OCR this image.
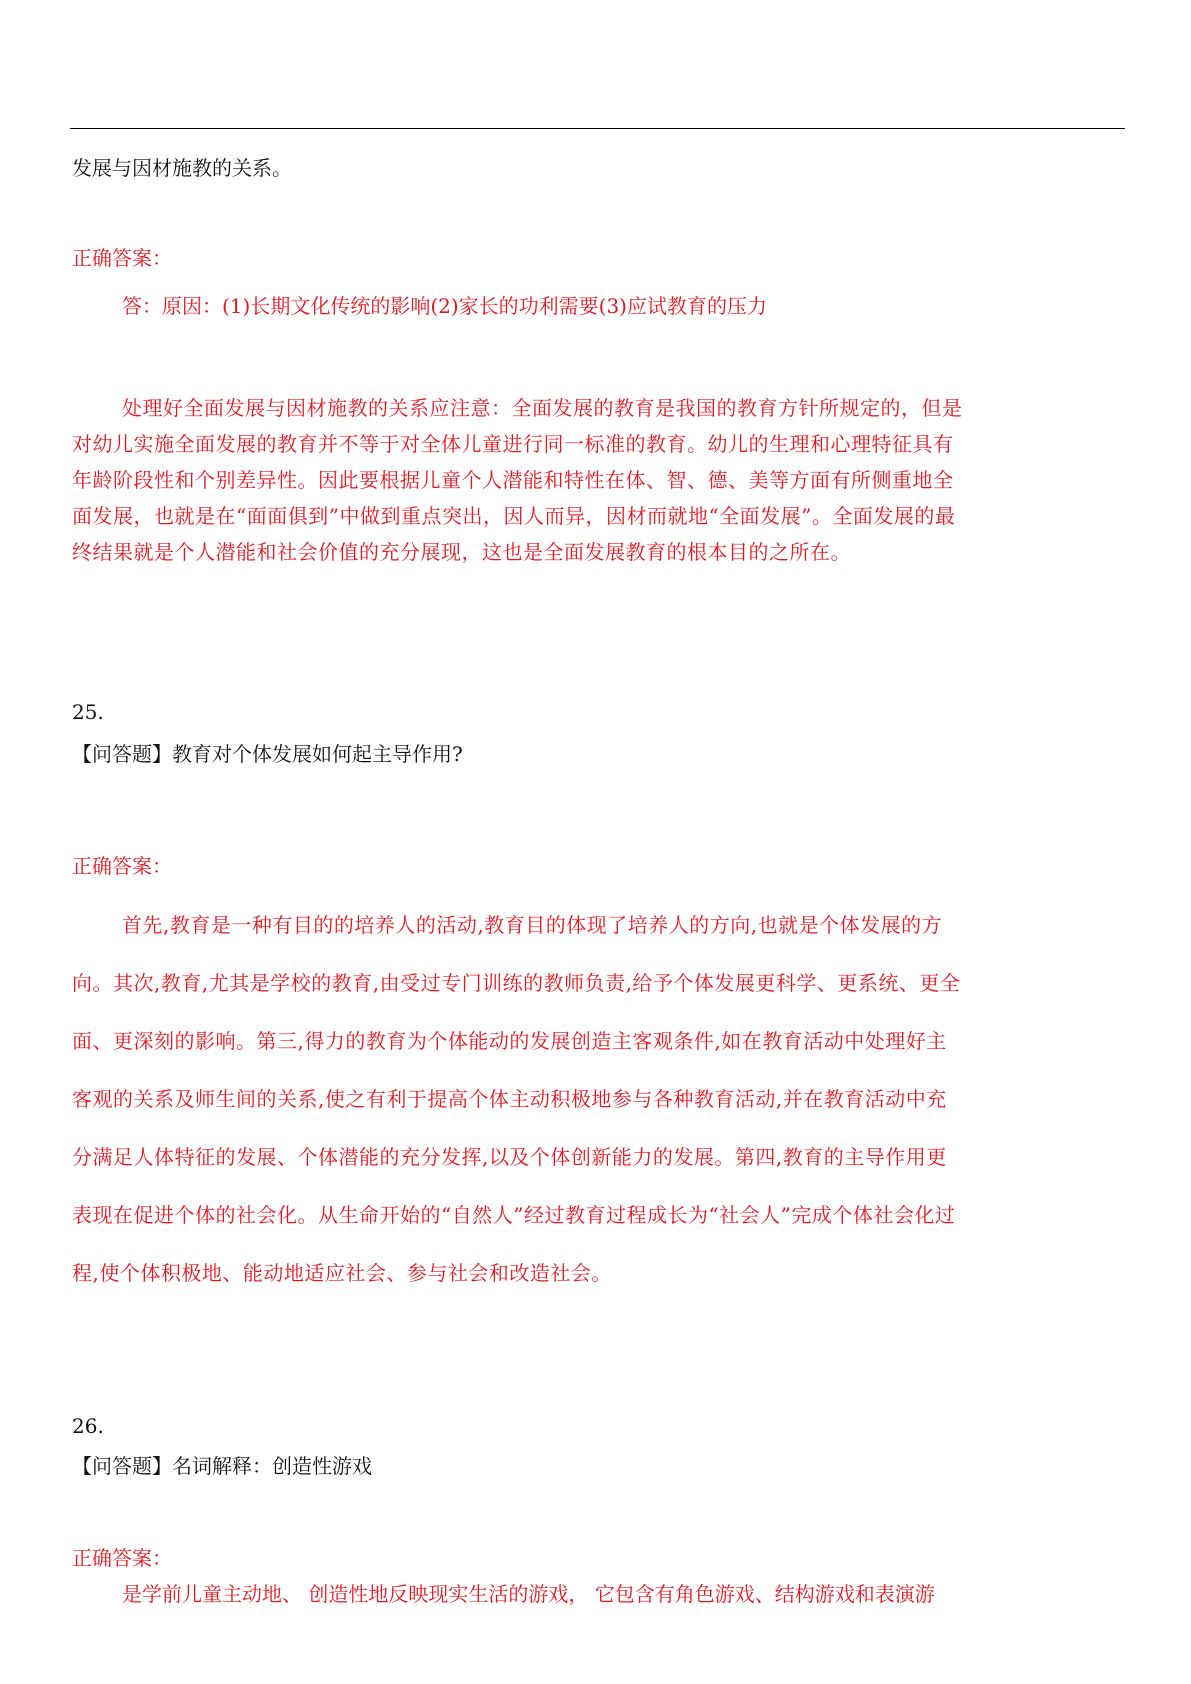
发展与因材施教的关系。
正确答案：
答：原因：(1)长期文化传统的影响(2)家长的功利需要(3)应试教育的压力
处理好全面发展与因材施教的关系应注意：全面发展的教育是我国的教育方针所规定的，但是
对幼儿实施全面发展的教育并不等于对全体儿童进行同一标准的教育。幼儿的生理和心理特征具有
年龄阶段性和个别差异性。因此要根据儿童个人潜能和特性在体、智、德、美等方面有所侧重地全
面发展，也就是在“面面俱到”中做到重点突出，因人而异，因材而就地“全面发展”。全面发展的最
终结果就是个人潜能和社会价值的充分展现，这也是全面发展教育的根本目的之所在。
25.
【问答题】教育对个体发展如何起主导作用?
正确答案：
首先,教育是一种有目的的培养人的活动,教育目的体现了培养人的方向,也就是个体发展的方
向。其次,教育,尤其是学校的教育,由受过专门训练的教师负责,给予个体发展更科学、更系统、更全
面、更深刻的影响。第三,得力的教育为个体能动的发展创造主客观条件,如在教育活动中处理好主
客观的关系及师生间的关系,使之有利于提高个体主动积极地参与各种教育活动,并在教育活动中充
分满足人体特征的发展、个体潜能的充分发挥,以及个体创新能力的发展。第四,教育的主导作用更
表现在促进个体的社会化。从生命开始的“自然人”经过教育过程成长为“社会人”完成个体社会化过
程,使个体积极地、能动地适应社会、参与社会和改造社会。
26.
【问答题】名词解释：创造性游戏
正确答案：
是学前儿童主动地、 创造性地反映现实生活的游戏， 它包含有角色游戏、结构游戏和表演游
